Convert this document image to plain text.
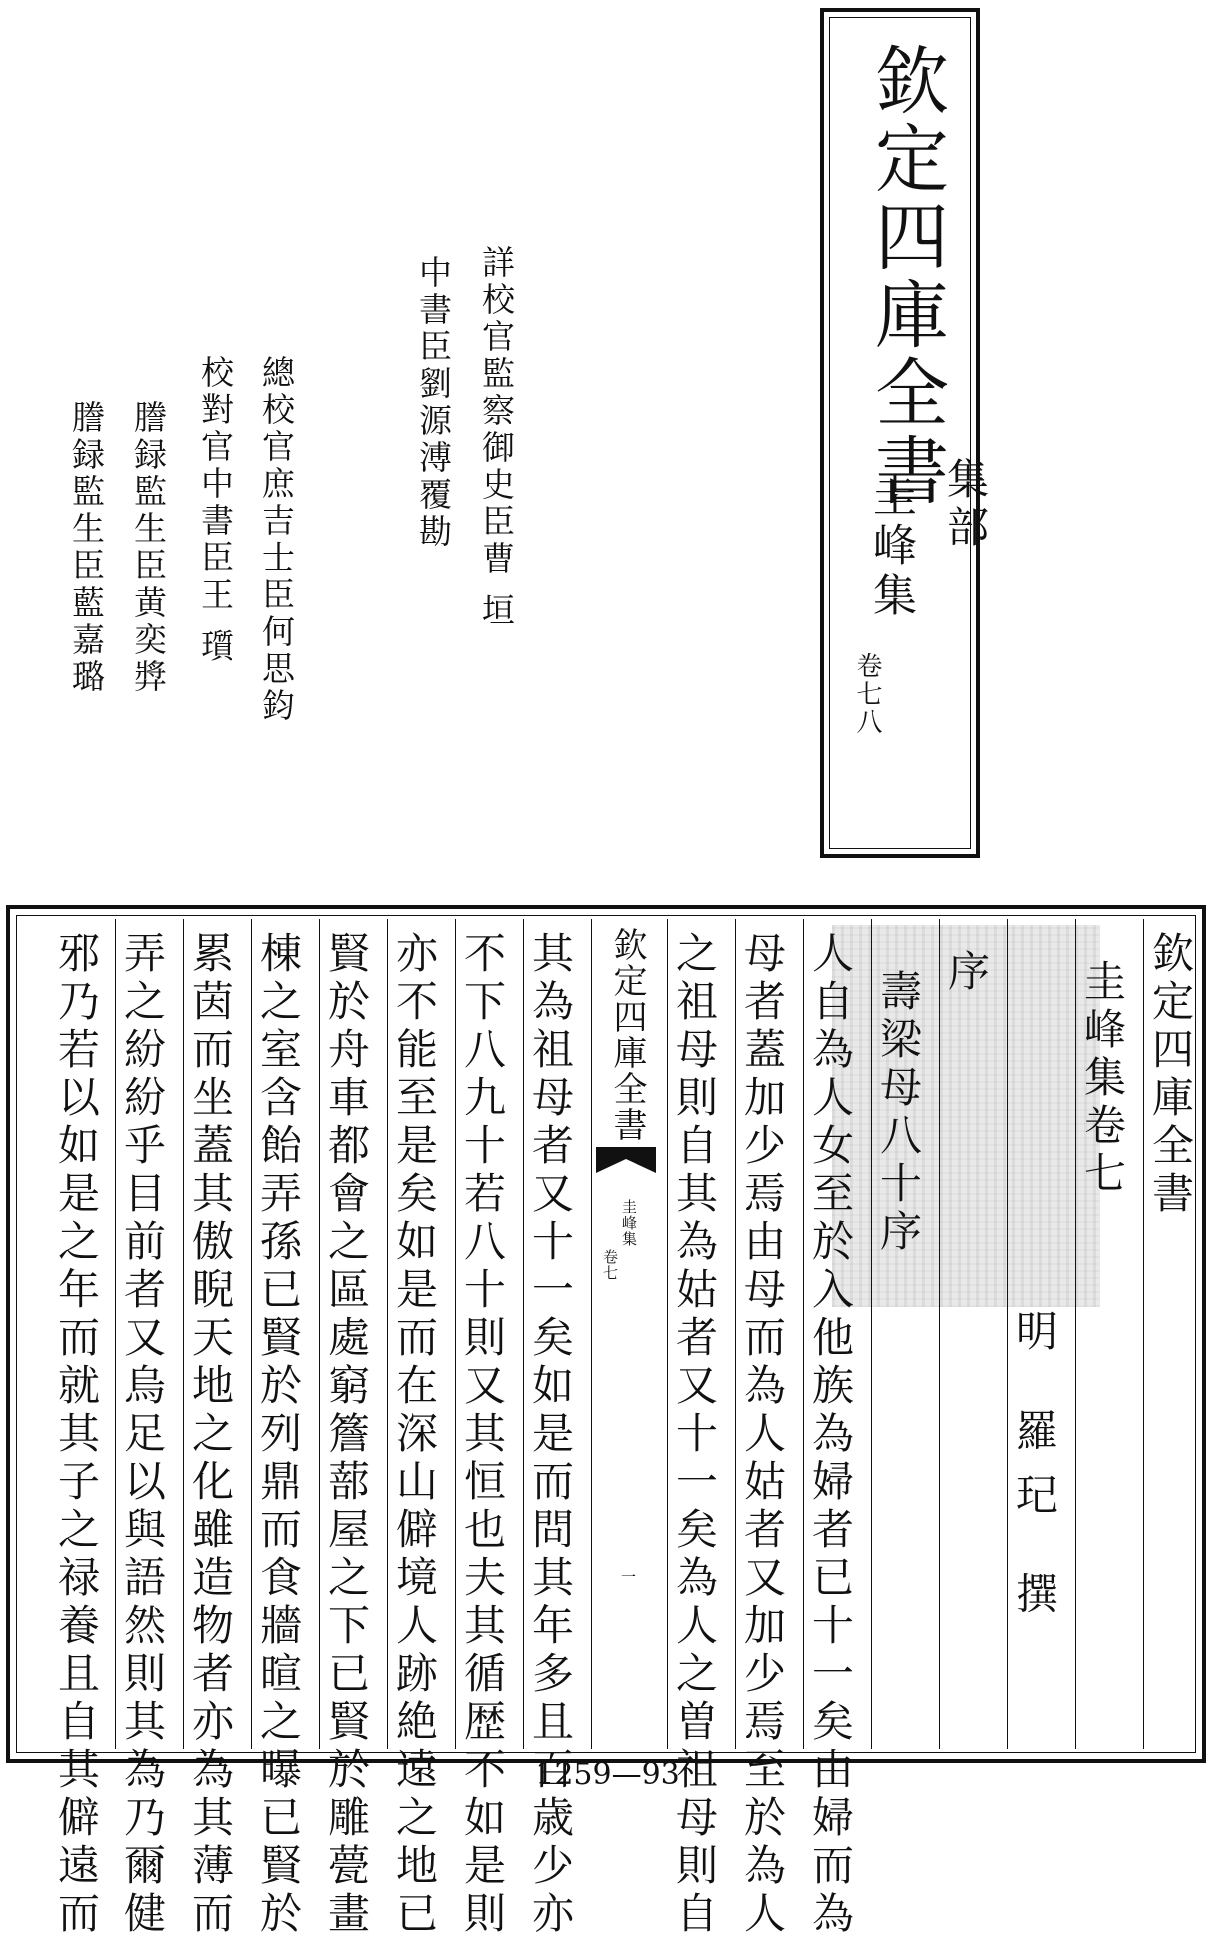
欽定四庫全書
集部
圭峰集
卷七八
詳校官監察御史臣曹 垣
中書臣劉源溥覆勘
總校官庶吉士臣何思鈞
校對官中書臣王 瓆
謄録監生臣黄奕㢡
謄録監生臣藍嘉璐
欽定四庫全書
圭峰集卷七
明 羅玘 撰
序
壽梁母八十序
人自為人女至於入他族為婦者已十一矣由婦而為
母者蓋加少焉由母而為人姑者又加少焉至於為人
之祖母則自其為姑者又十一矣為人之曽祖母則自
欽定四庫全書
圭峰集
卷七
一
其為祖母者又十一矣如是而問其年多且百歳少亦
不下八九十若八十則又其恒也夫其循歴不如是則
亦不能至是矣如是而在深山僻境人跡絶遠之地已
賢於舟車都會之區處窮簷蔀屋之下已賢於雕甍畫
棟之室含飴弄孫已賢於列鼎而食牆暄之曝已賢於
累茵而坐蓋其傲睨天地之化雖造物者亦為其薄而
弄之紛紛乎目前者又烏足以與語然則其為乃爾健
邪乃若以如是之年而就其子之禄養且自其僻遠而	1259—93
